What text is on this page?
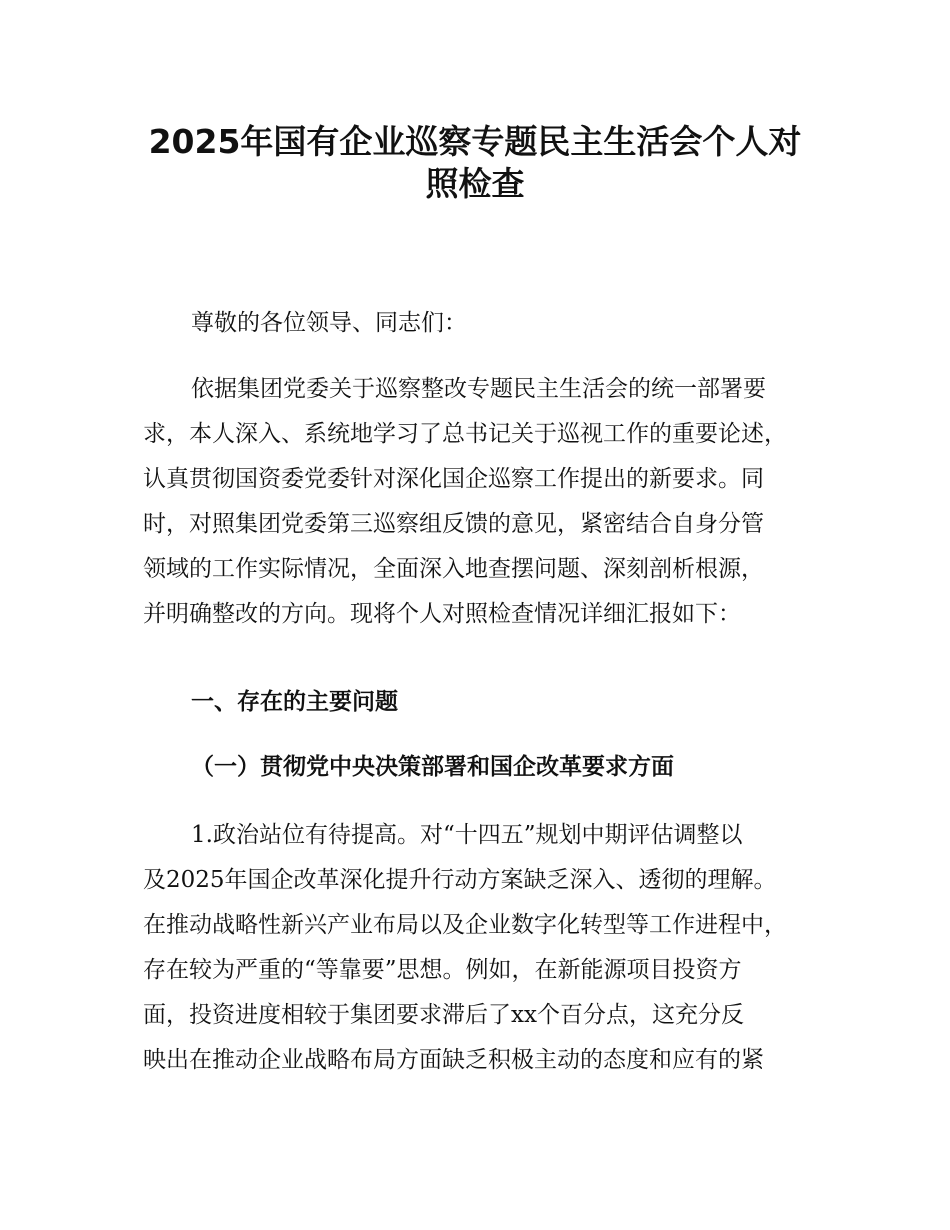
2025年国有企业巡察专题民主生活会个人对
照检查

尊敬的各位领导、同志们：

依据集团党委关于巡察整改专题民主生活会的统一部署要

求，本人深入、系统地学习了总书记关于巡视工作的重要论述，

认真贯彻国资委党委针对深化国企巡察工作提出的新要求。同

时，对照集团党委第三巡察组反馈的意见，紧密结合自身分管

领域的工作实际情况，全面深入地查摆问题、深刻剖析根源，

并明确整改的方向。现将个人对照检查情况详细汇报如下：

一、存在的主要问题
（一）贯彻党中央决策部署和国企改革要求方面

1.政治站位有待提高。对“十四五”规划中期评估调整以

及2025年国企改革深化提升行动方案缺乏深入、透彻的理解。

在推动战略性新兴产业布局以及企业数字化转型等工作进程中，

存在较为严重的“等靠要”思想。例如，在新能源项目投资方

面，投资进度相较于集团要求滞后了xx个百分点，这充分反

映出在推动企业战略布局方面缺乏积极主动的态度和应有的紧
